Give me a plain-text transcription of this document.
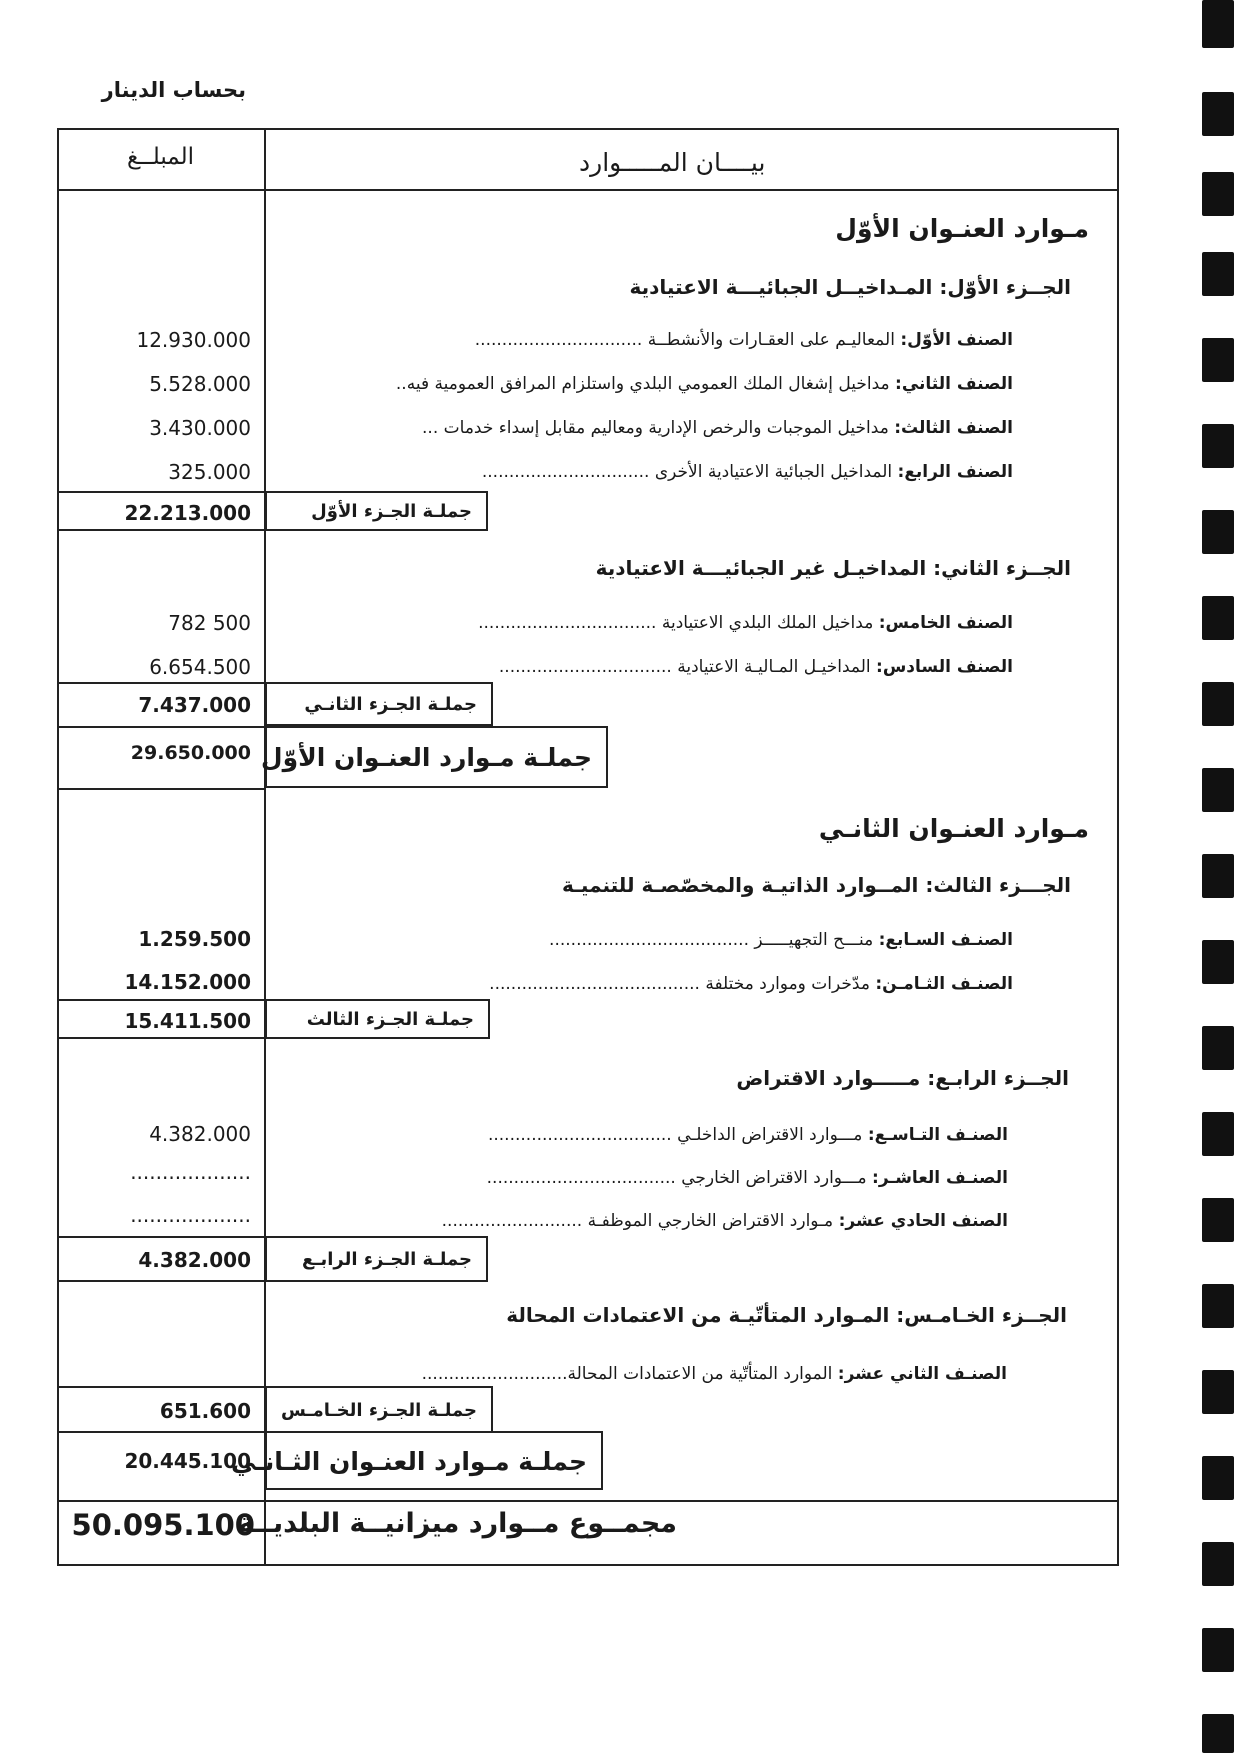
بحساب الدينار
بيــــان المـــــوارد
المبلــغ
مـوارد العنـوان الأوّل
الجــزء الأوّل: المـداخيــل الجبائيـــة الاعتيادية
الصنف الأوّل: المعاليـم على العقـارات والأنشطــة ...............................
12.930.000
الصنف الثاني: مداخيل إشغال الملك العمومي البلدي واستلزام المرافق العمومية فيه..
5.528.000
الصنف الثالث: مداخيل الموجبات والرخص الإدارية ومعاليم مقابل إسداء خدمات ...
3.430.000
الصنف الرابع: المداخيل الجبائية الاعتيادية الأخرى ...............................
325.000
جملـة الجـزء الأوّل
22.213.000
الجــزء الثاني: المداخيـل غير الجبائيـــة الاعتيادية
الصنف الخامس: مداخيل الملك البلدي الاعتيادية .................................
782 500
الصنف السادس: المداخيـل المـاليـة الاعتيادية ................................
6.654.500
جملـة الجـزء الثانـي
7.437.000
جملـة مـوارد العنـوان الأوّل
29.650.000
مـوارد العنـوان الثانـي
الجـــزء الثالث: المــوارد الذاتيـة والمخصّصـة للتنميـة
الصنـف السـابع: منـــح التجهيـــــز .....................................
1.259.500
الصنـف الثـامـن: مدّخرات وموارد مختلفة .......................................
14.152.000
جملـة الجـزء الثالث
15.411.500
الجــزء الرابـع: مـــــوارد الاقتراض
الصنـف التـاسـع: مـــوارد الاقتراض الداخلـي ..................................
4.382.000
الصنـف العاشـر: مـــوارد الاقتراض الخارجي ...................................
...................
الصنف الحادي عشر: مـوارد الاقتراض الخارجي الموظفـة ..........................
...................
جملـة الجـزء الرابـع
4.382.000
الجــزء الخـامـس: المـوارد المتأتّيـة من الاعتمادات المحالة
الصنـف الثاني عشر: الموارد المتأتّية من الاعتمادات المحالة...........................
جملـة الجـزء الخـامـس
651.600
جملـة مـوارد العنـوان الثـانـي
20.445.100
مجمــوع مــوارد ميزانيــة البلديــة
50.095.100
